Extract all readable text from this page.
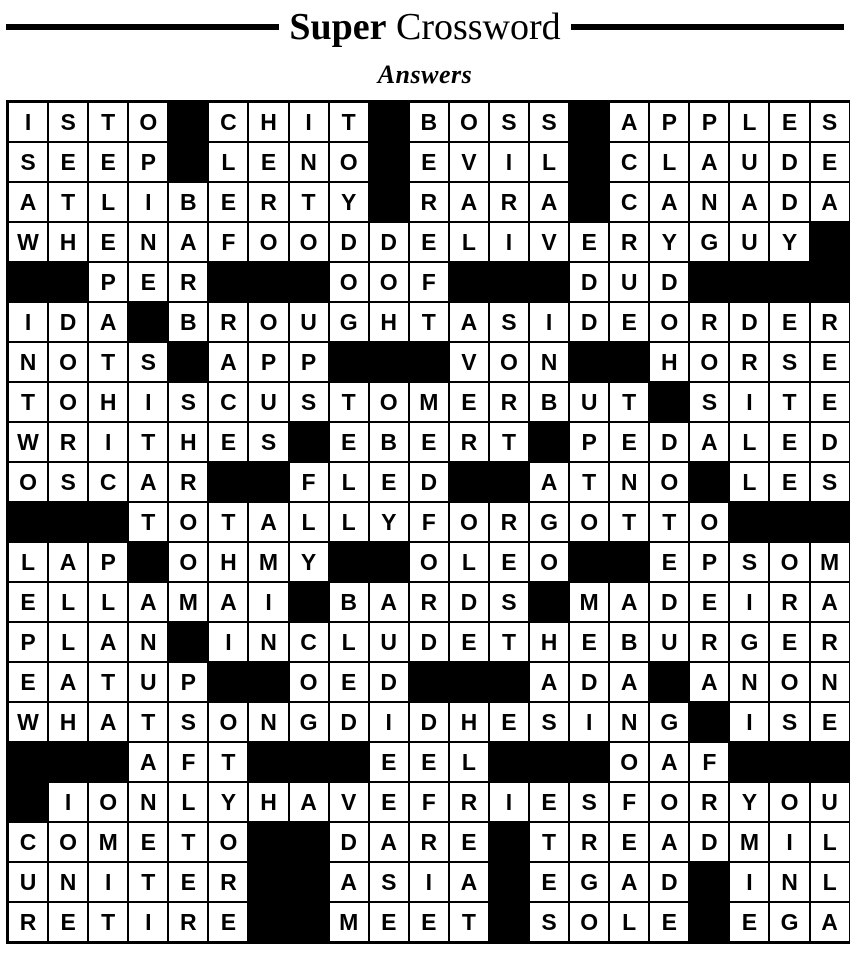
Super Crossword
Answers
I	S	T	O		C	H	I	T		B	O	S	S		A	P	P	L	E	S
S	E	E	P		L	E	N	O		E	V	I	L		C	L	A	U	D	E
A	T	L	I	B	E	R	T	Y		R	A	R	A		C	A	N	A	D	A
W	H	E	N	A	F	O	O	D	D	E	L	I	V	E	R	Y	G	U	Y	
		P	E	R				O	O	F				D	U	D				
I	D	A		B	R	O	U	G	H	T	A	S	I	D	E	O	R	D	E	R
N	O	T	S		A	P	P				V	O	N			H	O	R	S	E
T	O	H	I	S	C	U	S	T	O	M	E	R	B	U	T		S	I	T	E
W	R	I	T	H	E	S		E	B	E	R	T		P	E	D	A	L	E	D
O	S	C	A	R			F	L	E	D			A	T	N	O		L	E	S
			T	O	T	A	L	L	Y	F	O	R	G	O	T	T	O			
L	A	P		O	H	M	Y			O	L	E	O			E	P	S	O	M
E	L	L	A	M	A	I		B	A	R	D	S		M	A	D	E	I	R	A
P	L	A	N		I	N	C	L	U	D	E	T	H	E	B	U	R	G	E	R
E	A	T	U	P			O	E	D				A	D	A		A	N	O	N
W	H	A	T	S	O	N	G	D	I	D	H	E	S	I	N	G		I	S	E
			A	F	T				E	E	L				O	A	F			
	I	O	N	L	Y	H	A	V	E	F	R	I	E	S	F	O	R	Y	O	U
C	O	M	E	T	O			D	A	R	E		T	R	E	A	D	M	I	L
U	N	I	T	E	R			A	S	I	A		E	G	A	D		I	N	L
R	E	T	I	R	E			M	E	E	T		S	O	L	E		E	G	A
